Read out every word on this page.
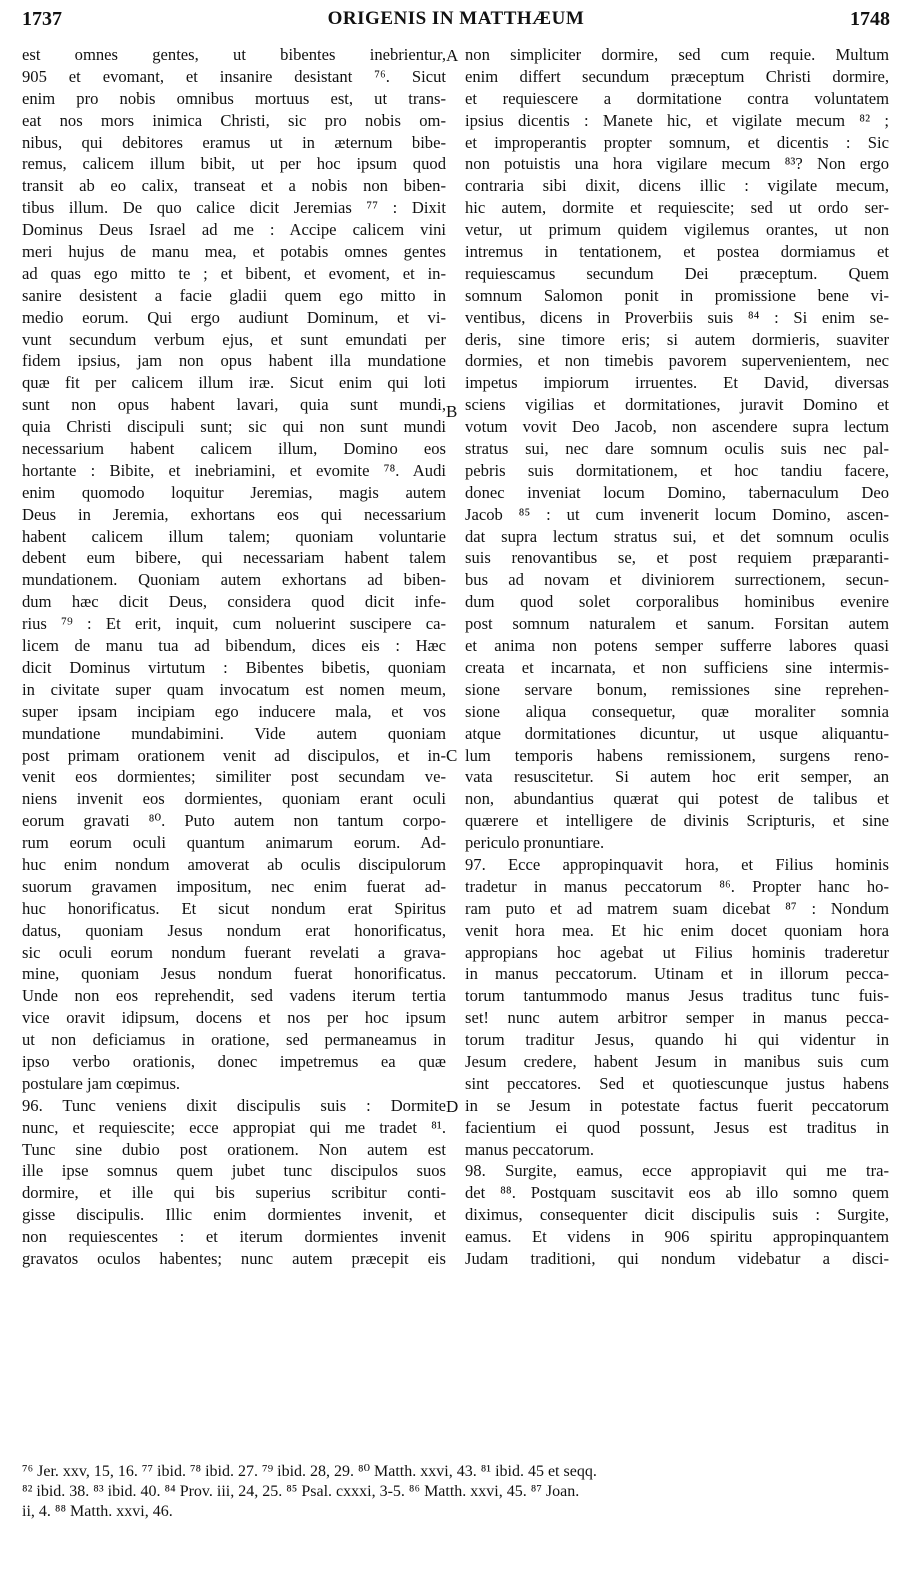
1737	ORIGENIS IN MATTHÆUM	1748
est omnes gentes, ut bibentes inebrientur,
905 et evomant, et insanire desistant ⁷⁶. Sicut
enim pro nobis omnibus mortuus est, ut trans-
eat nos mors inimica Christi, sic pro nobis om-
nibus, qui debitores eramus ut in æternum bibe-
remus, calicem illum bibit, ut per hoc ipsum quod
transit ab eo calix, transeat et a nobis non biben-
tibus illum. De quo calice dicit Jeremias ⁷⁷ : Dixit
Dominus Deus Israel ad me : Accipe calicem vini
meri hujus de manu mea, et potabis omnes gentes
ad quas ego mitto te ; et bibent, et evoment, et in-
sanire desistent a facie gladii quem ego mitto in
medio eorum. Qui ergo audiunt Dominum, et vi-
vunt secundum verbum ejus, et sunt emundati per
fidem ipsius, jam non opus habent illa mundatione
quæ fit per calicem illum iræ. Sicut enim qui loti
sunt non opus habent lavari, quia sunt mundi,
quia Christi discipuli sunt; sic qui non sunt mundi
necessarium habent calicem illum, Domino eos
hortante : Bibite, et inebriamini, et evomite ⁷⁸. Audi
enim quomodo loquitur Jeremias, magis autem
Deus in Jeremia, exhortans eos qui necessarium
habent calicem illum talem; quoniam voluntarie
debent eum bibere, qui necessariam habent talem
mundationem. Quoniam autem exhortans ad biben-
dum hæc dicit Deus, considera quod dicit infe-
rius ⁷⁹ : Et erit, inquit, cum noluerint suscipere ca-
licem de manu tua ad bibendum, dices eis : Hæc
dicit Dominus virtutum : Bibentes bibetis, quoniam
in civitate super quam invocatum est nomen meum,
super ipsam incipiam ego inducere mala, et vos
mundatione mundabimini. Vide autem quoniam
post primam orationem venit ad discipulos, et in-
venit eos dormientes; similiter post secundam ve-
niens invenit eos dormientes, quoniam erant oculi
eorum gravati ⁸⁰. Puto autem non tantum corpo-
rum eorum oculi quantum animarum eorum. Ad-
huc enim nondum amoverat ab oculis discipulorum
suorum gravamen impositum, nec enim fuerat ad-
huc honorificatus. Et sicut nondum erat Spiritus
datus, quoniam Jesus nondum erat honorificatus,
sic oculi eorum nondum fuerant revelati a grava-
mine, quoniam Jesus nondum fuerat honorificatus.
Unde non eos reprehendit, sed vadens iterum tertia
vice oravit idipsum, docens et nos per hoc ipsum
ut non deficiamus in oratione, sed permaneamus in
ipso verbo orationis, donec impetremus ea quæ
postulare jam cœpimus.
96. Tunc veniens dixit discipulis suis : Dormite
nunc, et requiescite; ecce appropiat qui me tradet ⁸¹.
Tunc sine dubio post orationem. Non autem est
ille ipse somnus quem jubet tunc discipulos suos
dormire, et ille qui bis superius scribitur conti-
gisse discipulis. Illic enim dormientes invenit, et
non requiescentes : et iterum dormientes invenit
gravatos oculos habentes; nunc autem præcepit eis
non simpliciter dormire, sed cum requie. Multum
enim differt secundum præceptum Christi dormire,
et requiescere a dormitatione contra voluntatem
ipsius dicentis : Manete hic, et vigilate mecum ⁸² ;
et improperantis propter somnum, et dicentis : Sic
non potuistis una hora vigilare mecum ⁸³? Non ergo
contraria sibi dixit, dicens illic : vigilate mecum,
hic autem, dormite et requiescite; sed ut ordo ser-
vetur, ut primum quidem vigilemus orantes, ut non
intremus in tentationem, et postea dormiamus et
requiescamus secundum Dei præceptum. Quem
somnum Salomon ponit in promissione bene vi-
ventibus, dicens in Proverbiis suis ⁸⁴ : Si enim se-
deris, sine timore eris; si autem dormieris, suaviter
dormies, et non timebis pavorem supervenientem, nec
impetus impiorum irruentes. Et David, diversas
sciens vigilias et dormitationes, juravit Domino et
votum vovit Deo Jacob, non ascendere supra lectum
stratus sui, nec dare somnum oculis suis nec pal-
pebris suis dormitationem, et hoc tandiu facere,
donec inveniat locum Domino, tabernaculum Deo
Jacob ⁸⁵ : ut cum invenerit locum Domino, ascen-
dat supra lectum stratus sui, et det somnum oculis
suis renovantibus se, et post requiem præparanti-
bus ad novam et diviniorem surrectionem, secun-
dum quod solet corporalibus hominibus evenire
post somnum naturalem et sanum. Forsitan autem
et anima non potens semper sufferre labores quasi
creata et incarnata, et non sufficiens sine intermis-
sione servare bonum, remissiones sine reprehen-
sione aliqua consequetur, quæ moraliter somnia
atque dormitationes dicuntur, ut usque aliquantu-
lum temporis habens remissionem, surgens reno-
vata resuscitetur. Si autem hoc erit semper, an
non, abundantius quærat qui potest de talibus et
quærere et intelligere de divinis Scripturis, et sine
periculo pronuntiare.
97. Ecce appropinquavit hora, et Filius hominis
tradetur in manus peccatorum ⁸⁶. Propter hanc ho-
ram puto et ad matrem suam dicebat ⁸⁷ : Nondum
venit hora mea. Et hic enim docet quoniam hora
appropians hoc agebat ut Filius hominis traderetur
in manus peccatorum. Utinam et in illorum pecca-
torum tantummodo manus Jesus traditus tunc fuis-
set! nunc autem arbitror semper in manus pecca-
torum traditur Jesus, quando hi qui videntur in
Jesum credere, habent Jesum in manibus suis cum
sint peccatores. Sed et quotiescunque justus habens
in se Jesum in potestate factus fuerit peccatorum
facientium ei quod possunt, Jesus est traditus in
manus peccatorum.
98. Surgite, eamus, ecce appropiavit qui me tra-
det ⁸⁸. Postquam suscitavit eos ab illo somno quem
diximus, consequenter dicit discipulis suis : Surgite,
eamus. Et videns in 906 spiritu appropinquantem
Judam traditioni, qui nondum videbatur a disci-
A
B
C
D
⁷⁶ Jer. xxv, 15, 16. ⁷⁷ ibid. ⁷⁸ ibid. 27. ⁷⁹ ibid. 28, 29. ⁸⁰ Matth. xxvi, 43. ⁸¹ ibid. 45 et seqq.
⁸² ibid. 38. ⁸³ ibid. 40. ⁸⁴ Prov. iii, 24, 25. ⁸⁵ Psal. cxxxi, 3-5. ⁸⁶ Matth. xxvi, 45. ⁸⁷ Joan.
ii, 4. ⁸⁸ Matth. xxvi, 46.
